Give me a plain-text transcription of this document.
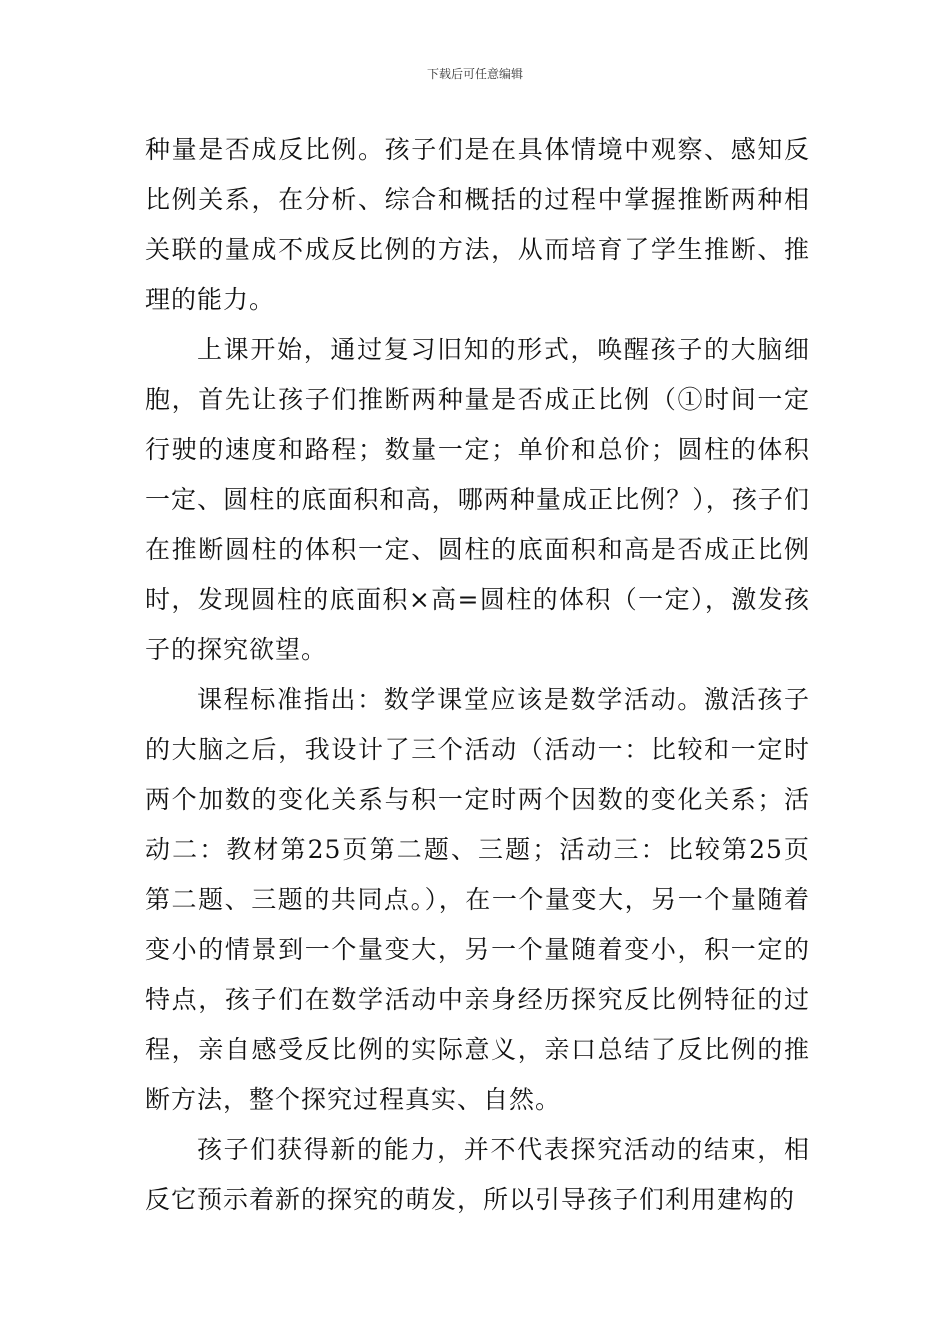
下载后可任意编辑

种量是否成反比例。孩子们是在具体情境中观察、感知反比例关系，在分析、综合和概括的过程中掌握推断两种相关联的量成不成反比例的方法，从而培育了学生推断、推理的能力。

上课开始，通过复习旧知的形式，唤醒孩子的大脑细胞，首先让孩子们推断两种量是否成正比例（①时间一定行驶的速度和路程；数量一定；单价和总价；圆柱的体积一定、圆柱的底面积和高，哪两种量成正比例？），孩子们在推断圆柱的体积一定、圆柱的底面积和高是否成正比例时，发现圆柱的底面积×高=圆柱的体积（一定），激发孩子的探究欲望。

课程标准指出：数学课堂应该是数学活动。激活孩子的大脑之后，我设计了三个活动（活动一：比较和一定时两个加数的变化关系与积一定时两个因数的变化关系；活动二：教材第25页第二题、三题；活动三：比较第25页第二题、三题的共同点。），在一个量变大，另一个量随着变小的情景到一个量变大，另一个量随着变小，积一定的特点，孩子们在数学活动中亲身经历探究反比例特征的过程，亲自感受反比例的实际意义，亲口总结了反比例的推断方法，整个探究过程真实、自然。

孩子们获得新的能力，并不代表探究活动的结束，相反它预示着新的探究的萌发，所以引导孩子们利用建构的
